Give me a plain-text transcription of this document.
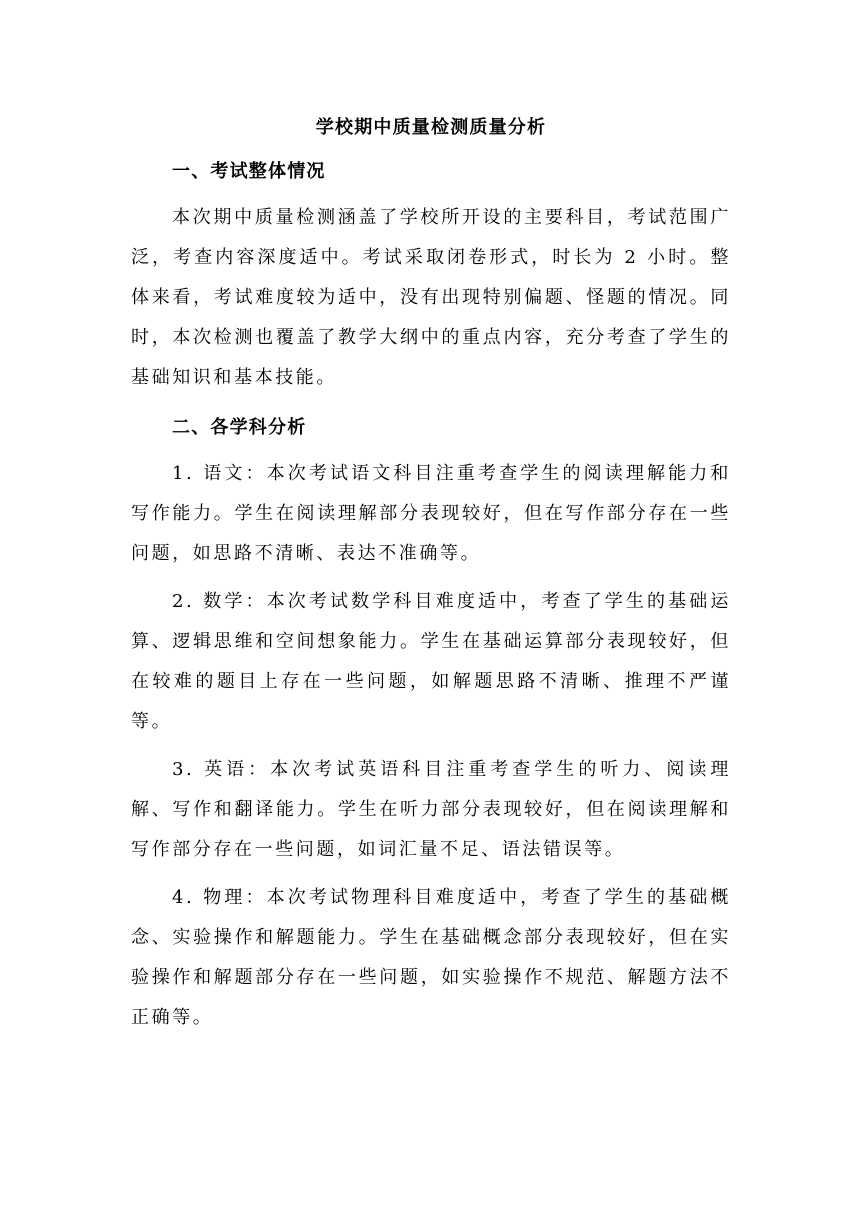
学校期中质量检测质量分析
一、考试整体情况

本次期中质量检测涵盖了学校所开设的主要科目，考试范围广泛，考查内容深度适中。考试采取闭卷形式，时长为 2 小时。整体来看，考试难度较为适中，没有出现特别偏题、怪题的情况。同时，本次检测也覆盖了教学大纲中的重点内容，充分考查了学生的基础知识和基本技能。

二、各学科分析

1. 语文：本次考试语文科目注重考查学生的阅读理解能力和写作能力。学生在阅读理解部分表现较好，但在写作部分存在一些问题，如思路不清晰、表达不准确等。

2. 数学：本次考试数学科目难度适中，考查了学生的基础运算、逻辑思维和空间想象能力。学生在基础运算部分表现较好，但在较难的题目上存在一些问题，如解题思路不清晰、推理不严谨等。

3. 英语：本次考试英语科目注重考查学生的听力、阅读理解、写作和翻译能力。学生在听力部分表现较好，但在阅读理解和写作部分存在一些问题，如词汇量不足、语法错误等。

4. 物理：本次考试物理科目难度适中，考查了学生的基础概念、实验操作和解题能力。学生在基础概念部分表现较好，但在实验操作和解题部分存在一些问题，如实验操作不规范、解题方法不正确等。
